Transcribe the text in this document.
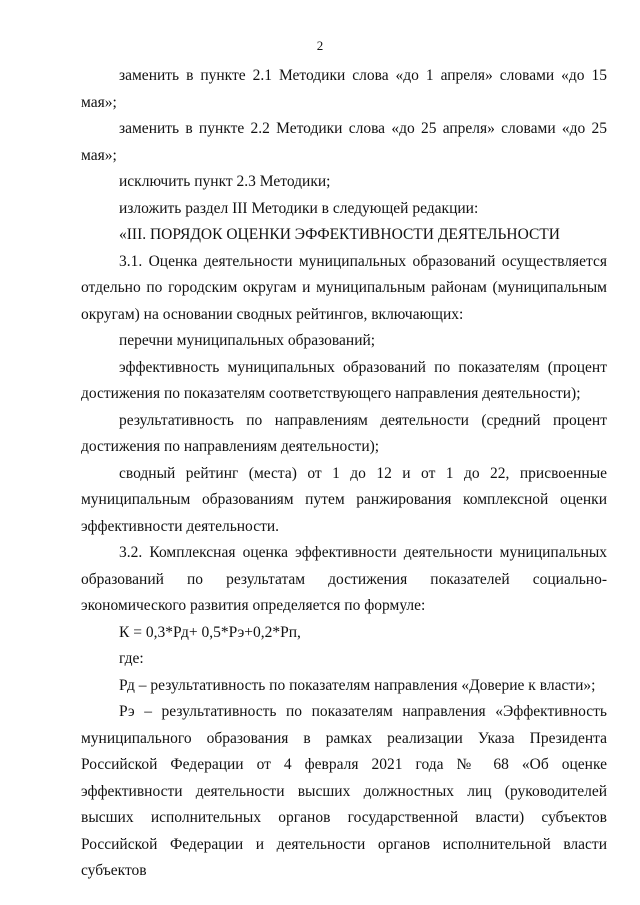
2

заменить в пункте 2.1 Методики слова «до 1 апреля» словами «до 15 мая»;

заменить в пункте 2.2 Методики слова «до 25 апреля» словами «до 25 мая»;

исключить пункт 2.3 Методики;

изложить раздел III Методики в следующей редакции:

«III. ПОРЯДОК ОЦЕНКИ ЭФФЕКТИВНОСТИ ДЕЯТЕЛЬНОСТИ

3.1. Оценка деятельности муниципальных образований осуществляется отдельно по городским округам и муниципальным районам (муниципальным округам) на основании сводных рейтингов, включающих:

перечни муниципальных образований;

эффективность муниципальных образований по показателям (процент достижения по показателям соответствующего направления деятельности);

результативность по направлениям деятельности (средний процент достижения по направлениям деятельности);

сводный рейтинг (места) от 1 до 12 и от 1 до 22, присвоенные муниципальным образованиям путем ранжирования комплексной оценки эффективности деятельности.

3.2. Комплексная оценка эффективности деятельности муниципальных образований по результатам достижения показателей социально-экономического развития определяется по формуле:

К = 0,3*Рд+ 0,5*Рэ+0,2*Рп,

где:

Рд – результативность по показателям направления «Доверие к власти»;

Рэ – результативность по показателям направления «Эффективность муниципального образования в рамках реализации Указа Президента Российской Федерации от 4 февраля 2021 года № 68 «Об оценке эффективности деятельности высших должностных лиц (руководителей высших исполнительных органов государственной власти) субъектов Российской Федерации и деятельности органов исполнительной власти субъектов
